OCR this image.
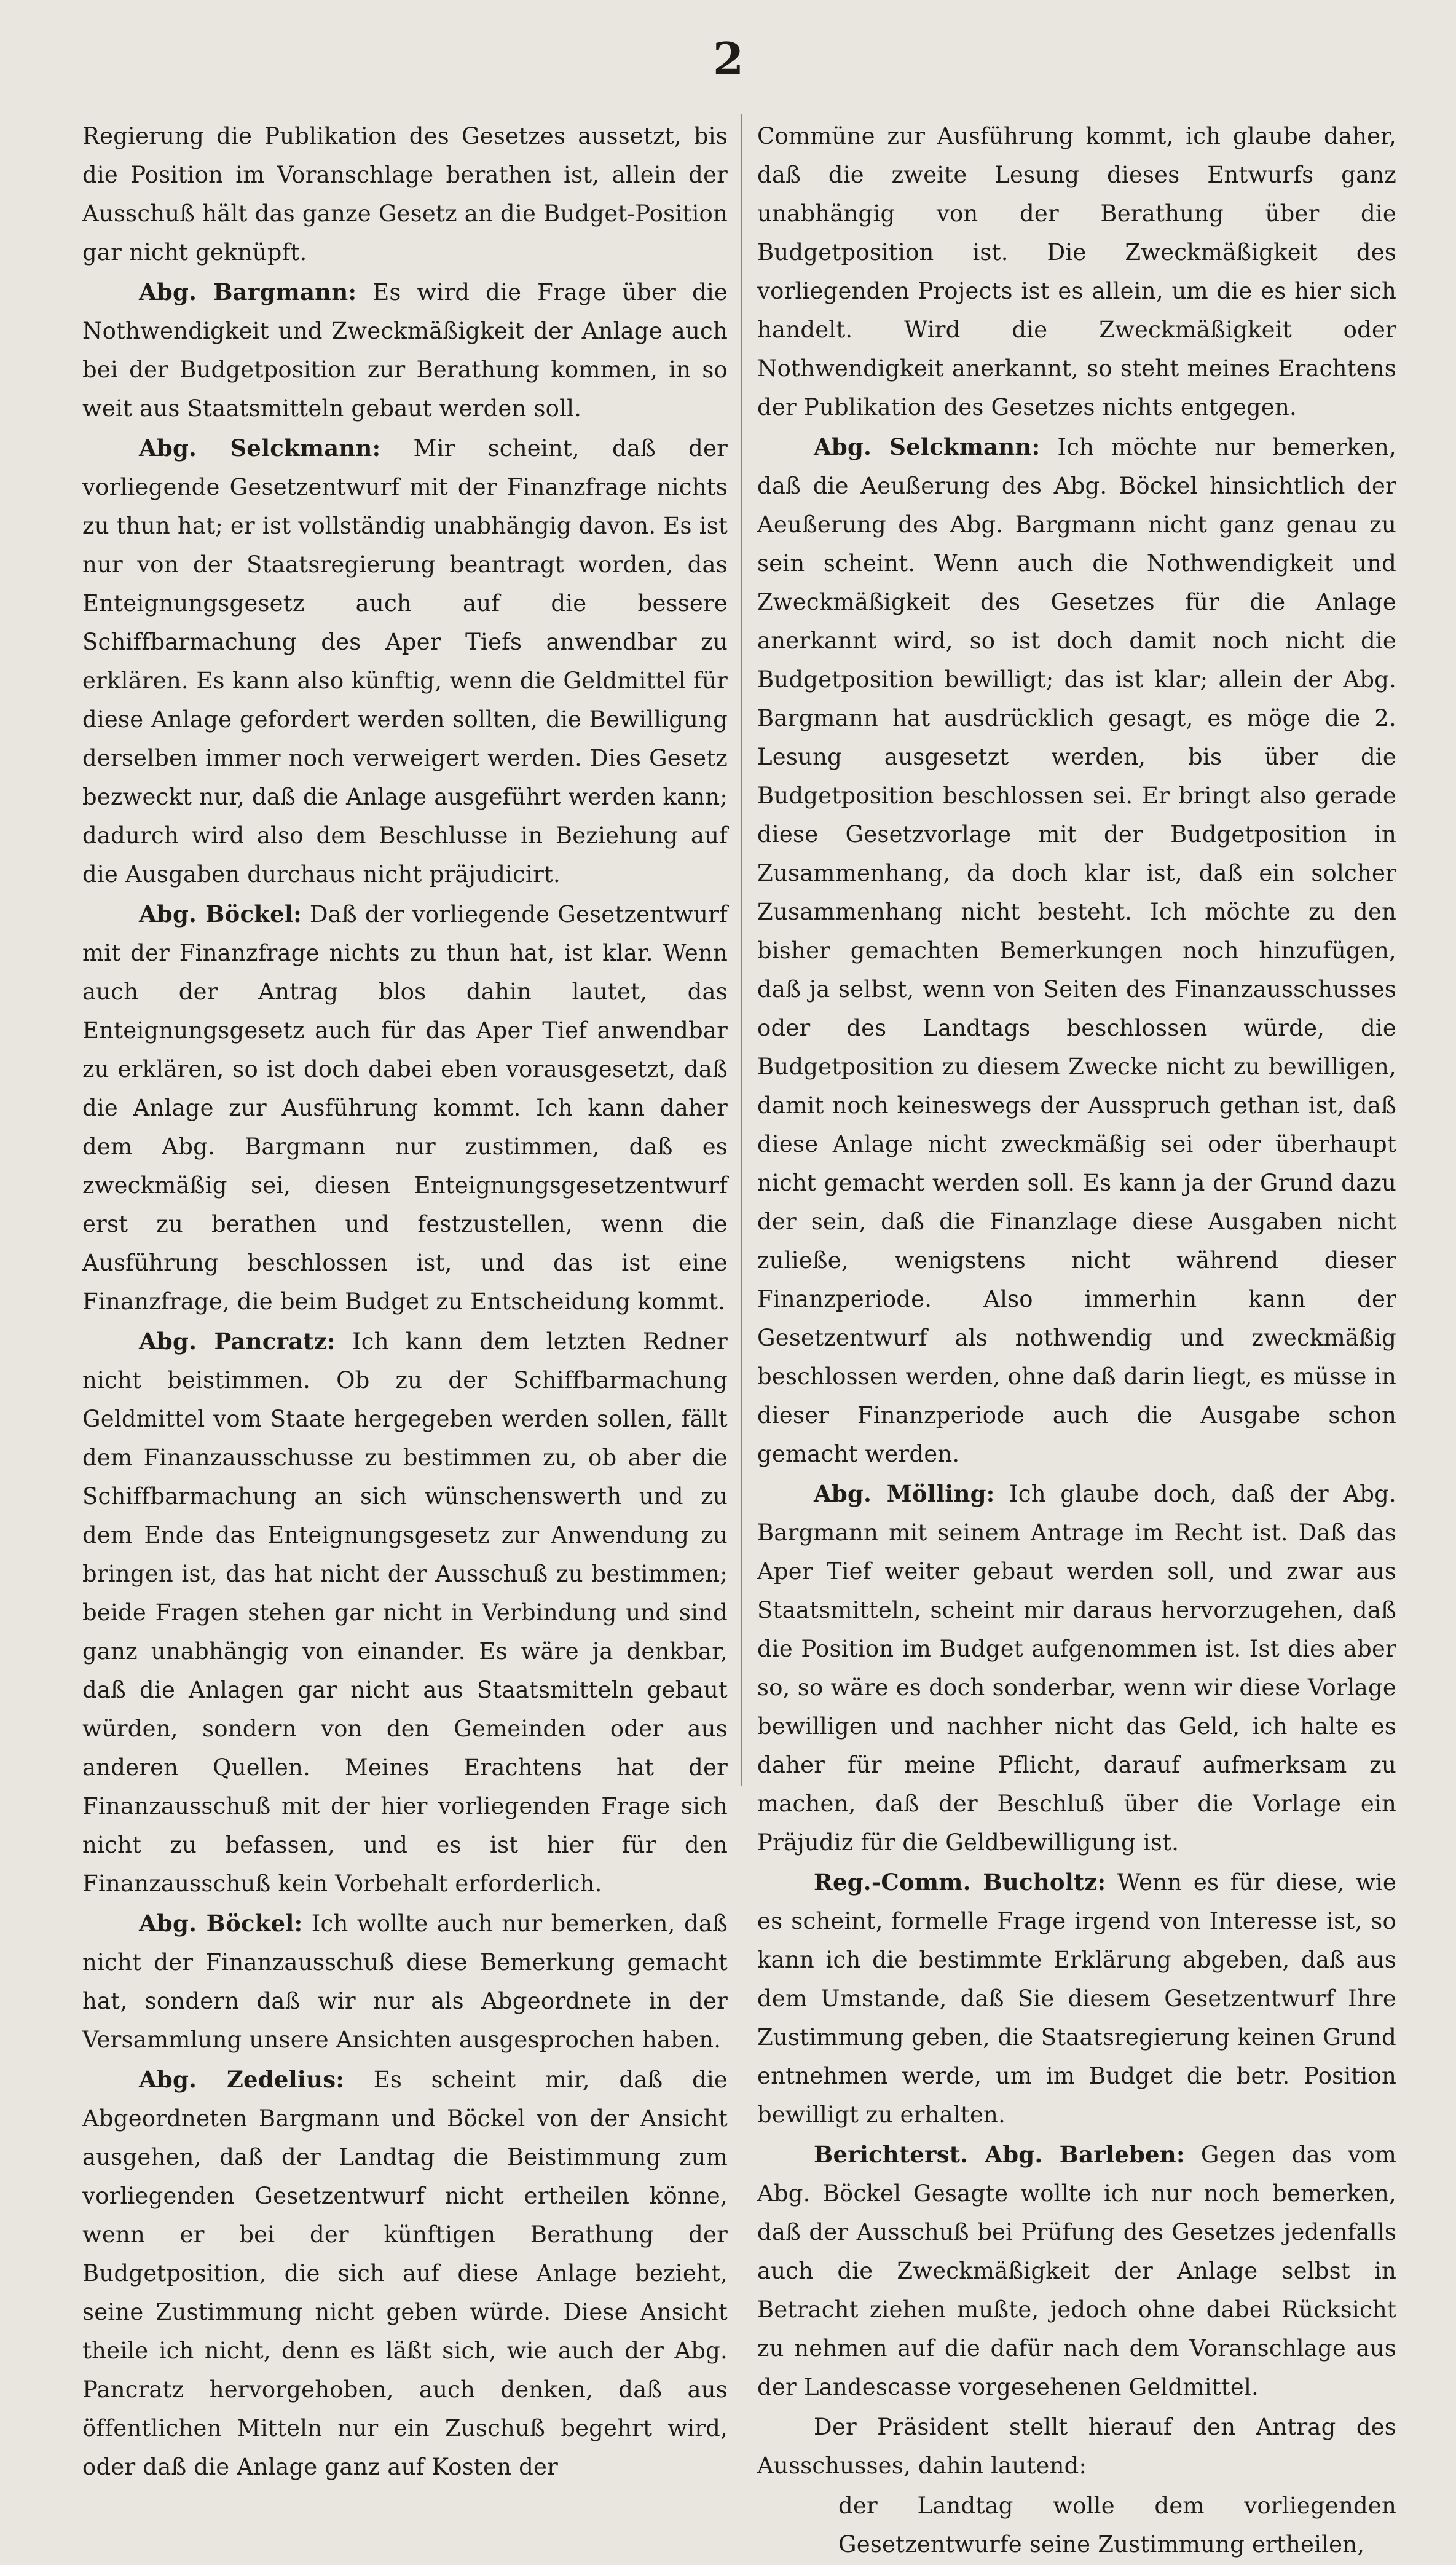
2

Regierung die Publikation des Gesetzes aussetzt, bis die Position im Voranschlage berathen ist, allein der Ausschuß hält das ganze Gesetz an die Budget-Position gar nicht geknüpft.

Abg. Bargmann: Es wird die Frage über die Nothwendigkeit und Zweckmäßigkeit der Anlage auch bei der Budgetposition zur Berathung kommen, in so weit aus Staatsmitteln gebaut werden soll.

Abg. Selckmann: Mir scheint, daß der vorliegende Gesetzentwurf mit der Finanzfrage nichts zu thun hat; er ist vollständig unabhängig davon. Es ist nur von der Staatsregierung beantragt worden, das Enteignungsgesetz auch auf die bessere Schiffbarmachung des Aper Tiefs anwendbar zu erklären. Es kann also künftig, wenn die Geldmittel für diese Anlage gefordert werden sollten, die Bewilligung derselben immer noch verweigert werden. Dies Gesetz bezweckt nur, daß die Anlage ausgeführt werden kann; dadurch wird also dem Beschlusse in Beziehung auf die Ausgaben durchaus nicht präjudicirt.

Abg. Böckel: Daß der vorliegende Gesetzentwurf mit der Finanzfrage nichts zu thun hat, ist klar. Wenn auch der Antrag blos dahin lautet, das Enteignungsgesetz auch für das Aper Tief anwendbar zu erklären, so ist doch dabei eben vorausgesetzt, daß die Anlage zur Ausführung kommt. Ich kann daher dem Abg. Bargmann nur zustimmen, daß es zweckmäßig sei, diesen Enteignungsgesetzentwurf erst zu berathen und festzustellen, wenn die Ausführung beschlossen ist, und das ist eine Finanzfrage, die beim Budget zu Entscheidung kommt.

Abg. Pancratz: Ich kann dem letzten Redner nicht beistimmen. Ob zu der Schiffbarmachung Geldmittel vom Staate hergegeben werden sollen, fällt dem Finanzausschusse zu bestimmen zu, ob aber die Schiffbarmachung an sich wünschenswerth und zu dem Ende das Enteignungsgesetz zur Anwendung zu bringen ist, das hat nicht der Ausschuß zu bestimmen; beide Fragen stehen gar nicht in Verbindung und sind ganz unabhängig von einander. Es wäre ja denkbar, daß die Anlagen gar nicht aus Staatsmitteln gebaut würden, sondern von den Gemeinden oder aus anderen Quellen. Meines Erachtens hat der Finanzausschuß mit der hier vorliegenden Frage sich nicht zu befassen, und es ist hier für den Finanzausschuß kein Vorbehalt erforderlich.

Abg. Böckel: Ich wollte auch nur bemerken, daß nicht der Finanzausschuß diese Bemerkung gemacht hat, sondern daß wir nur als Abgeordnete in der Versammlung unsere Ansichten ausgesprochen haben.

Abg. Zedelius: Es scheint mir, daß die Abgeordneten Bargmann und Böckel von der Ansicht ausgehen, daß der Landtag die Beistimmung zum vorliegenden Gesetzentwurf nicht ertheilen könne, wenn er bei der künftigen Berathung der Budgetposition, die sich auf diese Anlage bezieht, seine Zustimmung nicht geben würde. Diese Ansicht theile ich nicht, denn es läßt sich, wie auch der Abg. Pancratz hervorgehoben, auch denken, daß aus öffentlichen Mitteln nur ein Zuschuß begehrt wird, oder daß die Anlage ganz auf Kosten der

Commüne zur Ausführung kommt, ich glaube daher, daß die zweite Lesung dieses Entwurfs ganz unabhängig von der Berathung über die Budgetposition ist. Die Zweckmäßigkeit des vorliegenden Projects ist es allein, um die es hier sich handelt. Wird die Zweckmäßigkeit oder Nothwendigkeit anerkannt, so steht meines Erachtens der Publikation des Gesetzes nichts entgegen.

Abg. Selckmann: Ich möchte nur bemerken, daß die Aeußerung des Abg. Böckel hinsichtlich der Aeußerung des Abg. Bargmann nicht ganz genau zu sein scheint. Wenn auch die Nothwendigkeit und Zweckmäßigkeit des Gesetzes für die Anlage anerkannt wird, so ist doch damit noch nicht die Budgetposition bewilligt; das ist klar; allein der Abg. Bargmann hat ausdrücklich gesagt, es möge die 2. Lesung ausgesetzt werden, bis über die Budgetposition beschlossen sei. Er bringt also gerade diese Gesetzvorlage mit der Budgetposition in Zusammenhang, da doch klar ist, daß ein solcher Zusammenhang nicht besteht. Ich möchte zu den bisher gemachten Bemerkungen noch hinzufügen, daß ja selbst, wenn von Seiten des Finanzausschusses oder des Landtags beschlossen würde, die Budgetposition zu diesem Zwecke nicht zu bewilligen, damit noch keineswegs der Ausspruch gethan ist, daß diese Anlage nicht zweckmäßig sei oder überhaupt nicht gemacht werden soll. Es kann ja der Grund dazu der sein, daß die Finanzlage diese Ausgaben nicht zuließe, wenigstens nicht während dieser Finanzperiode. Also immerhin kann der Gesetzentwurf als nothwendig und zweckmäßig beschlossen werden, ohne daß darin liegt, es müsse in dieser Finanzperiode auch die Ausgabe schon gemacht werden.

Abg. Mölling: Ich glaube doch, daß der Abg. Bargmann mit seinem Antrage im Recht ist. Daß das Aper Tief weiter gebaut werden soll, und zwar aus Staatsmitteln, scheint mir daraus hervorzugehen, daß die Position im Budget aufgenommen ist. Ist dies aber so, so wäre es doch sonderbar, wenn wir diese Vorlage bewilligen und nachher nicht das Geld, ich halte es daher für meine Pflicht, darauf aufmerksam zu machen, daß der Beschluß über die Vorlage ein Präjudiz für die Geldbewilligung ist.

Reg.-Comm. Bucholtz: Wenn es für diese, wie es scheint, formelle Frage irgend von Interesse ist, so kann ich die bestimmte Erklärung abgeben, daß aus dem Umstande, daß Sie diesem Gesetzentwurf Ihre Zustimmung geben, die Staatsregierung keinen Grund entnehmen werde, um im Budget die betr. Position bewilligt zu erhalten.

Berichterst. Abg. Barleben: Gegen das vom Abg. Böckel Gesagte wollte ich nur noch bemerken, daß der Ausschuß bei Prüfung des Gesetzes jedenfalls auch die Zweckmäßigkeit der Anlage selbst in Betracht ziehen mußte, jedoch ohne dabei Rücksicht zu nehmen auf die dafür nach dem Voranschlage aus der Landescasse vorgesehenen Geldmittel.

Der Präsident stellt hierauf den Antrag des Ausschusses, dahin lautend:

der Landtag wolle dem vorliegenden Gesetzentwurfe seine Zustimmung ertheilen,
